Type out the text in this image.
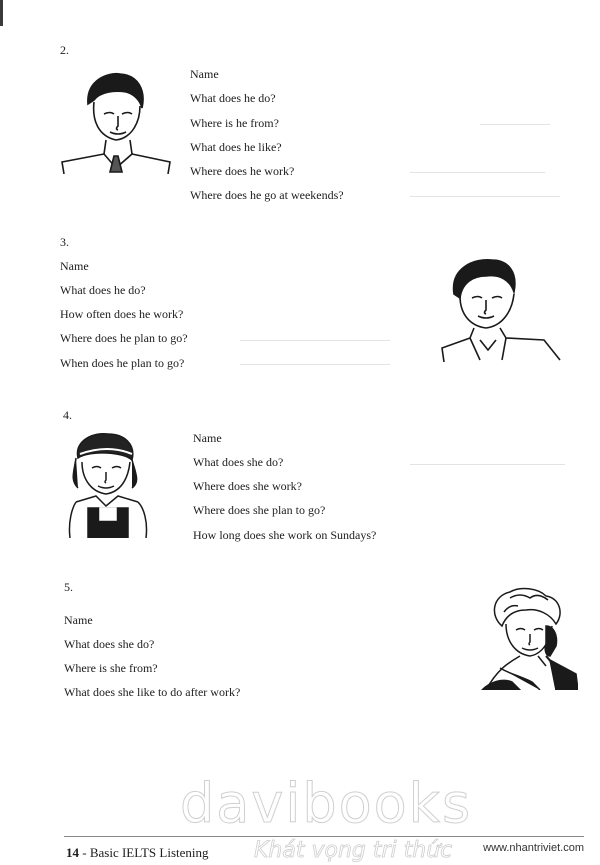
2.
Name
What does he do?
Where is he from?
What does he like?
Where does he work?
Where does he go at weekends?
3.
Name
What does he do?
How often does he work?
Where does he plan to go?
When does he plan to go?
4.
Name
What does she do?
Where does she work?
Where does she plan to go?
How long does she work on Sundays?
5.
Name
What does she do?
Where is she from?
What does she like to do after work?
davibooks
14 - Basic IELTS Listening Khát vọng tri thức	www.nhantriviet.com
